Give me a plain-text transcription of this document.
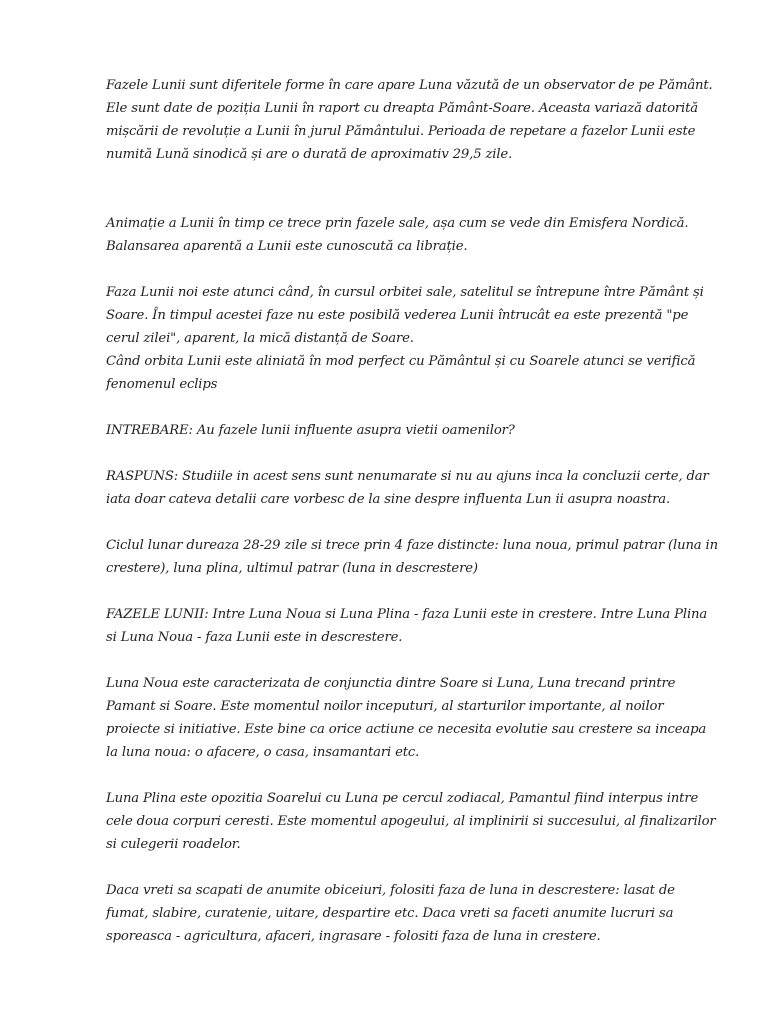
Fazele Lunii sunt diferitele forme în care apare Luna văzută de un observator de pe Pământ. Ele sunt date de poziția Lunii în raport cu dreapta Pământ-Soare. Aceasta variază datorită mișcării de revoluție a Lunii în jurul Pământului. Perioada de repetare a fazelor Lunii este numită Lună sinodică și are o durată de aproximativ 29,5 zile.

Animație a Lunii în timp ce trece prin fazele sale, așa cum se vede din Emisfera Nordică. Balansarea aparentă a Lunii este cunoscută ca librație.

Faza Lunii noi este atunci când, în cursul orbitei sale, satelitul se întrepune între Pământ și Soare. În timpul acestei faze nu este posibilă vederea Lunii întrucât ea este prezentă "pe cerul zilei", aparent, la mică distanță de Soare.

Când orbita Lunii este aliniată în mod perfect cu Pământul și cu Soarele atunci se verifică fenomenul eclips

INTREBARE: Au fazele lunii influente asupra vietii oamenilor?

RASPUNS: Studiile in acest sens sunt nenumarate si nu au ajuns inca la concluzii certe, dar iata doar cateva detalii care vorbesc de la sine despre influenta Lun ii asupra noastra.

Ciclul lunar dureaza 28-29 zile si trece prin 4 faze distincte: luna noua, primul patrar (luna in crestere), luna plina, ultimul patrar (luna in descrestere)

FAZELE LUNII: Intre Luna Noua si Luna Plina - faza Lunii este in crestere. Intre Luna Plina si Luna Noua - faza Lunii este in descrestere.

Luna Noua este caracterizata de conjunctia dintre Soare si Luna, Luna trecand printre Pamant si Soare. Este momentul noilor inceputuri, al starturilor importante, al noilor proiecte si initiative. Este bine ca orice actiune ce necesita evolutie sau crestere sa inceapa la luna noua: o afacere, o casa, insamantari etc.

Luna Plina este opozitia Soarelui cu Luna pe cercul zodiacal, Pamantul fiind interpus intre cele doua corpuri ceresti. Este momentul apogeului, al implinirii si succesului, al finalizarilor si culegerii roadelor.

Daca vreti sa scapati de anumite obiceiuri, folositi faza de luna in descrestere: lasat de fumat, slabire, curatenie, uitare, despartire etc. Daca vreti sa faceti anumite lucruri sa sporeasca - agricultura, afaceri, ingrasare - folositi faza de luna in crestere.
